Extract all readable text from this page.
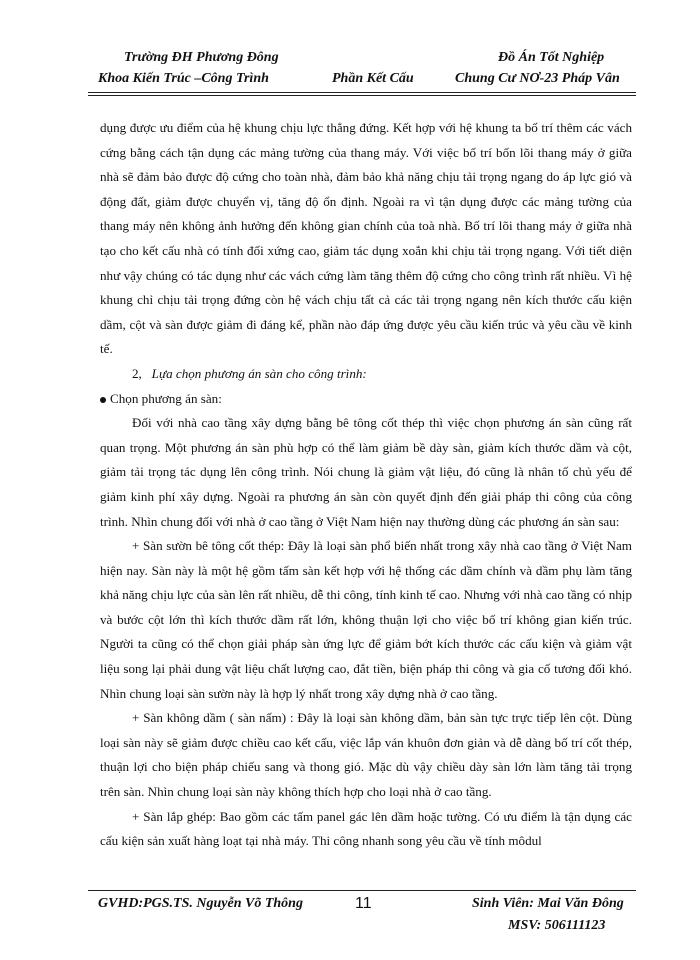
Trường ĐH Phương Đông
Khoa Kiến Trúc –Công Trình	Phần Kết Cấu
Đồ Án Tốt Nghiệp
Chung Cư NƠ-23 Pháp Vân

dụng được ưu điểm của hệ khung chịu lực thẳng đứng. Kết hợp với hệ khung ta bố trí thêm các vách cứng bằng cách tận dụng các mảng tường của thang máy. Với việc bố trí bốn lõi thang máy ở giữa nhà sẽ đảm bảo được độ cứng cho toàn nhà, đảm bảo khả năng chịu tải trọng ngang do áp lực gió và động đất, giảm được chuyển vị, tăng độ ổn định. Ngoài ra vì tận dụng được các mảng tường của thang máy nên không ảnh hưởng đến không gian chính của toà nhà. Bố trí lõi thang máy ở giữa nhà tạo cho kết cấu nhà có tính đối xứng cao, giảm tác dụng xoắn khi chịu tải trọng ngang. Với tiết diện như vậy chúng có tác dụng như các vách cứng làm tăng thêm độ cứng cho công trình rất nhiều. Vì hệ khung chỉ chịu tải trọng đứng còn hệ vách chịu tất cả các tải trọng ngang nên kích thước cấu kiện dầm, cột và sàn được giảm đi đáng kể, phần nào đáp ứng được yêu cầu kiến trúc và yêu cầu về kinh tế.

2, Lựa chọn phương án sàn cho công trình:

Chọn phương án sàn:

Đối với nhà cao tầng xây dựng bằng bê tông cốt thép thì việc chọn phương án sàn cũng rất quan trọng. Một phương án sàn phù hợp có thể làm giảm bề dày sàn, giảm kích thước dầm và cột, giảm tải trọng tác dụng lên công trình. Nói chung là giảm vật liệu, đó cũng là nhân tố chủ yếu để giảm kinh phí xây dựng. Ngoài ra phương án sàn còn quyết định đến giải pháp thi công của công trình. Nhìn chung đối với nhà ở cao tầng ở Việt Nam hiện nay thường dùng các phương án sàn sau:

+ Sàn sườn bê tông cốt thép: Đây là loại sàn phổ biến nhất trong xây nhà cao tầng ở Việt Nam hiện nay. Sàn này là một hệ gồm tấm sàn kết hợp với hệ thống các dầm chính và dầm phụ làm tăng khả năng chịu lực của sàn lên rất nhiều, dễ thi công, tính kinh tế cao. Nhưng với nhà cao tầng có nhịp và bước cột lớn thì kích thước dầm rất lớn, không thuận lợi cho việc bố trí không gian kiến trúc. Người ta cũng có thể chọn giải pháp sàn ứng lực để giảm bớt kích thước các cấu kiện và giảm vật liệu song lại phải dung vật liệu chất lượng cao, đắt tiền, biện pháp thi công và gia cố tương đối khó. Nhìn chung loại sàn sườn này là hợp lý nhất trong xây dựng nhà ở cao tầng.

+ Sàn không dầm ( sàn nấm) : Đây là loại sàn không dầm, bản sàn tực trực tiếp lên cột. Dùng loại sàn này sẽ giảm được chiều cao kết cấu, việc lắp ván khuôn đơn giản và dễ dàng bố trí cốt thép, thuận lợi cho biện pháp chiếu sang và thong gió. Mặc dù vậy chiều dày sàn lớn làm tăng tải trọng trên sàn. Nhìn chung loại sàn này không thích hợp cho loại nhà ở cao tầng.

+ Sàn lắp ghép: Bao gồm các tấm panel gác lên dầm hoặc tường. Có ưu điểm là tận dụng các cấu kiện sản xuất hàng loạt tại nhà máy. Thi công nhanh song yêu cầu về tính môdul

GVHD:PGS.TS. Nguyễn Võ Thông	11	Sinh Viên: Mai Văn Đông
MSV: 506111123
